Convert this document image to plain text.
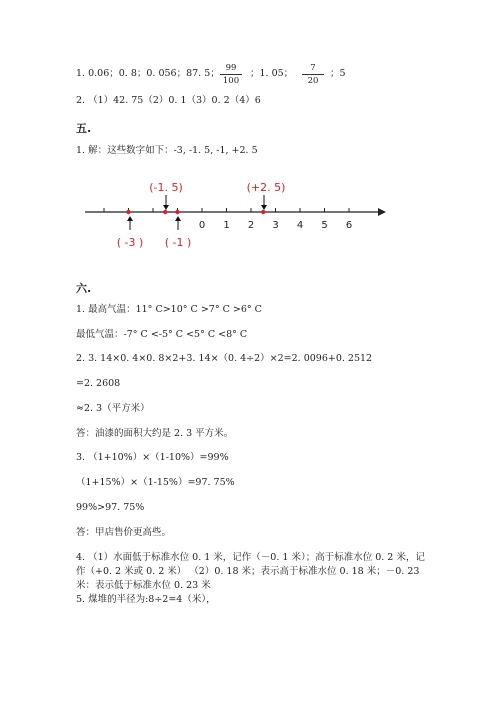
1. 0.06；0. 8；0. 056；87. 5； 99
100
；1. 05；	7
20
；5
2. （1）42. 75（2）0. 1（3）0. 2（4）6
五.
1. 解：这些数字如下：-3, -1. 5, -1, +2. 5
0 1 2 3 4 5 6
(-1. 5)	(+2. 5)
( -3 ) ( -1 )
六.
1. 最高气温：11° C>10° C >7° C >6° C
最低气温：-7° C <-5° C <5° C <8° C
2. 3. 14×0. 4×0. 8×2+3. 14×（0. 4÷2）×2=2. 0096+0. 2512
=2. 2608
≈2. 3（平方米）
答：油漆的面积大约是 2. 3 平方米。
3. （1+10%）×（1-10%）=99%
（1+15%）×（1-15%）=97. 75%
99%>97. 75%
答：甲店售价更高些。
4. （1）水面低于标准水位 0. 1 米，记作（－0. 1 米）；高于标准水位 0. 2 米，记
作（+0. 2 米或 0. 2 米） （2）0. 18 米；表示高于标准水位 0. 18 米；－0. 23
米：表示低于标准水位 0. 23 米
5. 煤堆的半径为:8÷2=4（米），
